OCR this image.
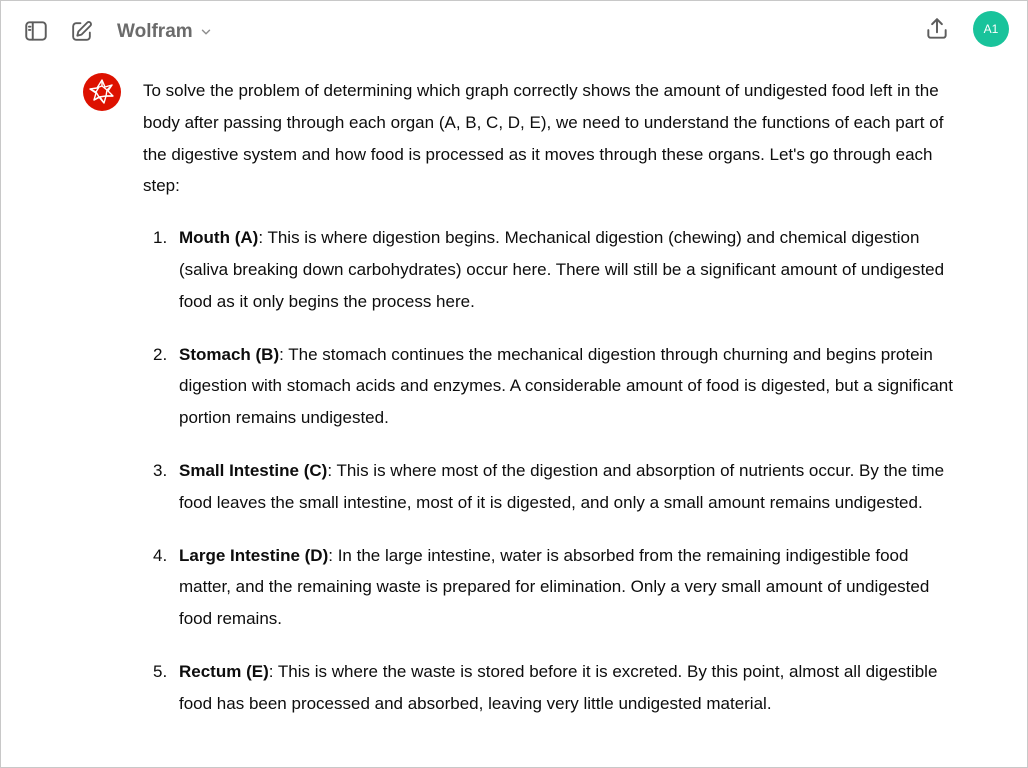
Wolfram	A1

To solve the problem of determining which graph correctly shows the amount of undigested food left in the body after passing through each organ (A, B, C, D, E), we need to understand the functions of each part of the digestive system and how food is processed as it moves through these organs. Let's go through each step:

1. Mouth (A): This is where digestion begins. Mechanical digestion (chewing) and chemical digestion (saliva breaking down carbohydrates) occur here. There will still be a significant amount of undigested food as it only begins the process here.
2. Stomach (B): The stomach continues the mechanical digestion through churning and begins protein digestion with stomach acids and enzymes. A considerable amount of food is digested, but a significant portion remains undigested.
3. Small Intestine (C): This is where most of the digestion and absorption of nutrients occur. By the time food leaves the small intestine, most of it is digested, and only a small amount remains undigested.
4. Large Intestine (D): In the large intestine, water is absorbed from the remaining indigestible food matter, and the remaining waste is prepared for elimination. Only a very small amount of undigested food remains.
5. Rectum (E): This is where the waste is stored before it is excreted. By this point, almost all digestible food has been processed and absorbed, leaving very little undigested material.
